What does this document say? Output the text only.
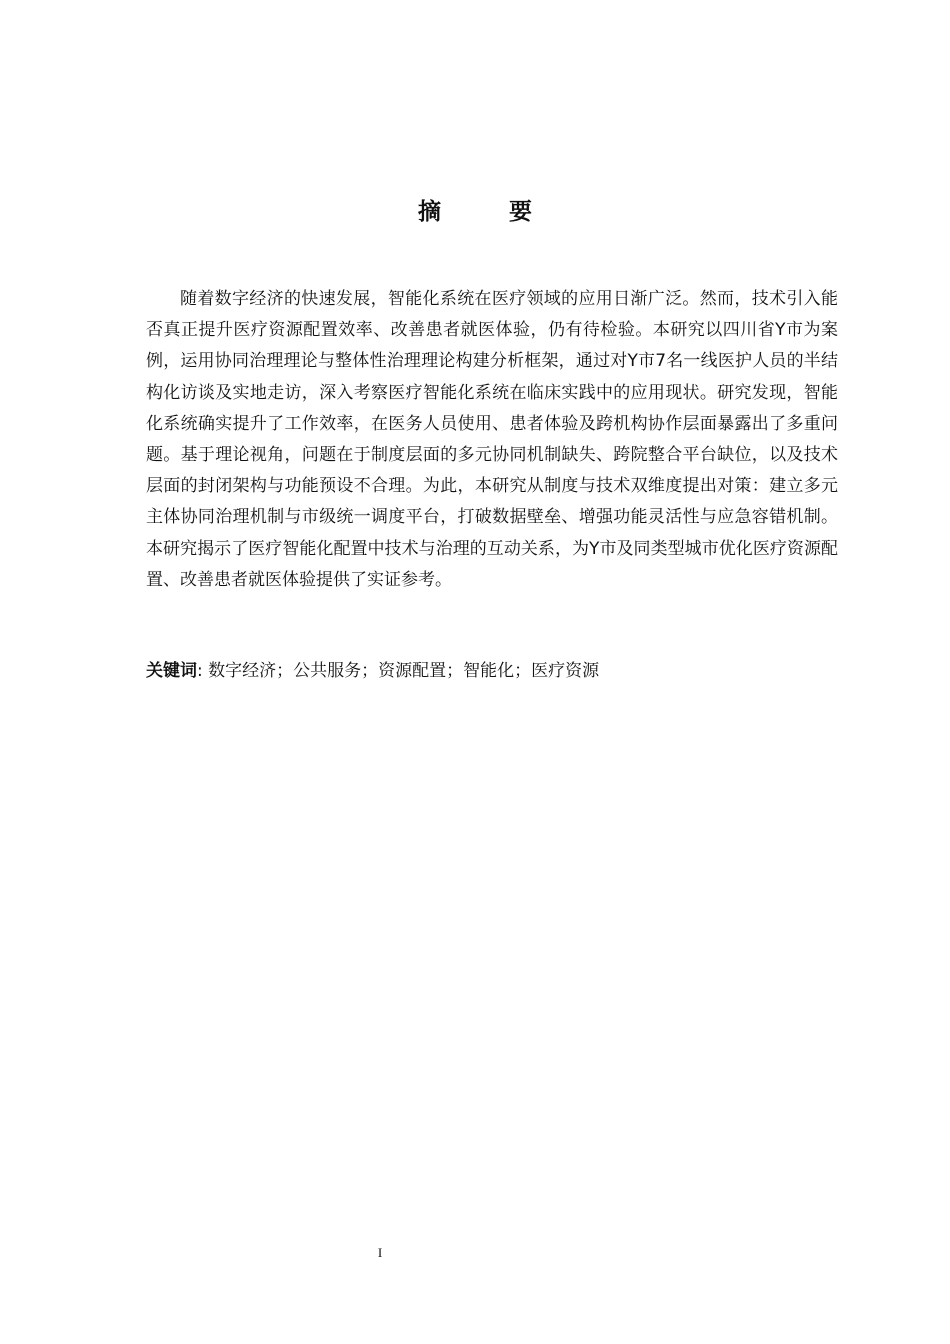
摘 要

随着数字经济的快速发展，智能化系统在医疗领域的应用日渐广泛。然而，技术引入能否真正提升医疗资源配置效率、改善患者就医体验，仍有待检验。本研究以四川省Y市为案例，运用协同治理理论与整体性治理理论构建分析框架，通过对Y市7名一线医护人员的半结构化访谈及实地走访，深入考察医疗智能化系统在临床实践中的应用现状。研究发现，智能化系统确实提升了工作效率，在医务人员使用、患者体验及跨机构协作层面暴露出了多重问题。基于理论视角，问题在于制度层面的多元协同机制缺失、跨院整合平台缺位，以及技术层面的封闭架构与功能预设不合理。为此，本研究从制度与技术双维度提出对策：建立多元主体协同治理机制与市级统一调度平台，打破数据壁垒、增强功能灵活性与应急容错机制。本研究揭示了医疗智能化配置中技术与治理的互动关系，为Y市及同类型城市优化医疗资源配置、改善患者就医体验提供了实证参考。

关键词: 数字经济；公共服务；资源配置；智能化；医疗资源

I
